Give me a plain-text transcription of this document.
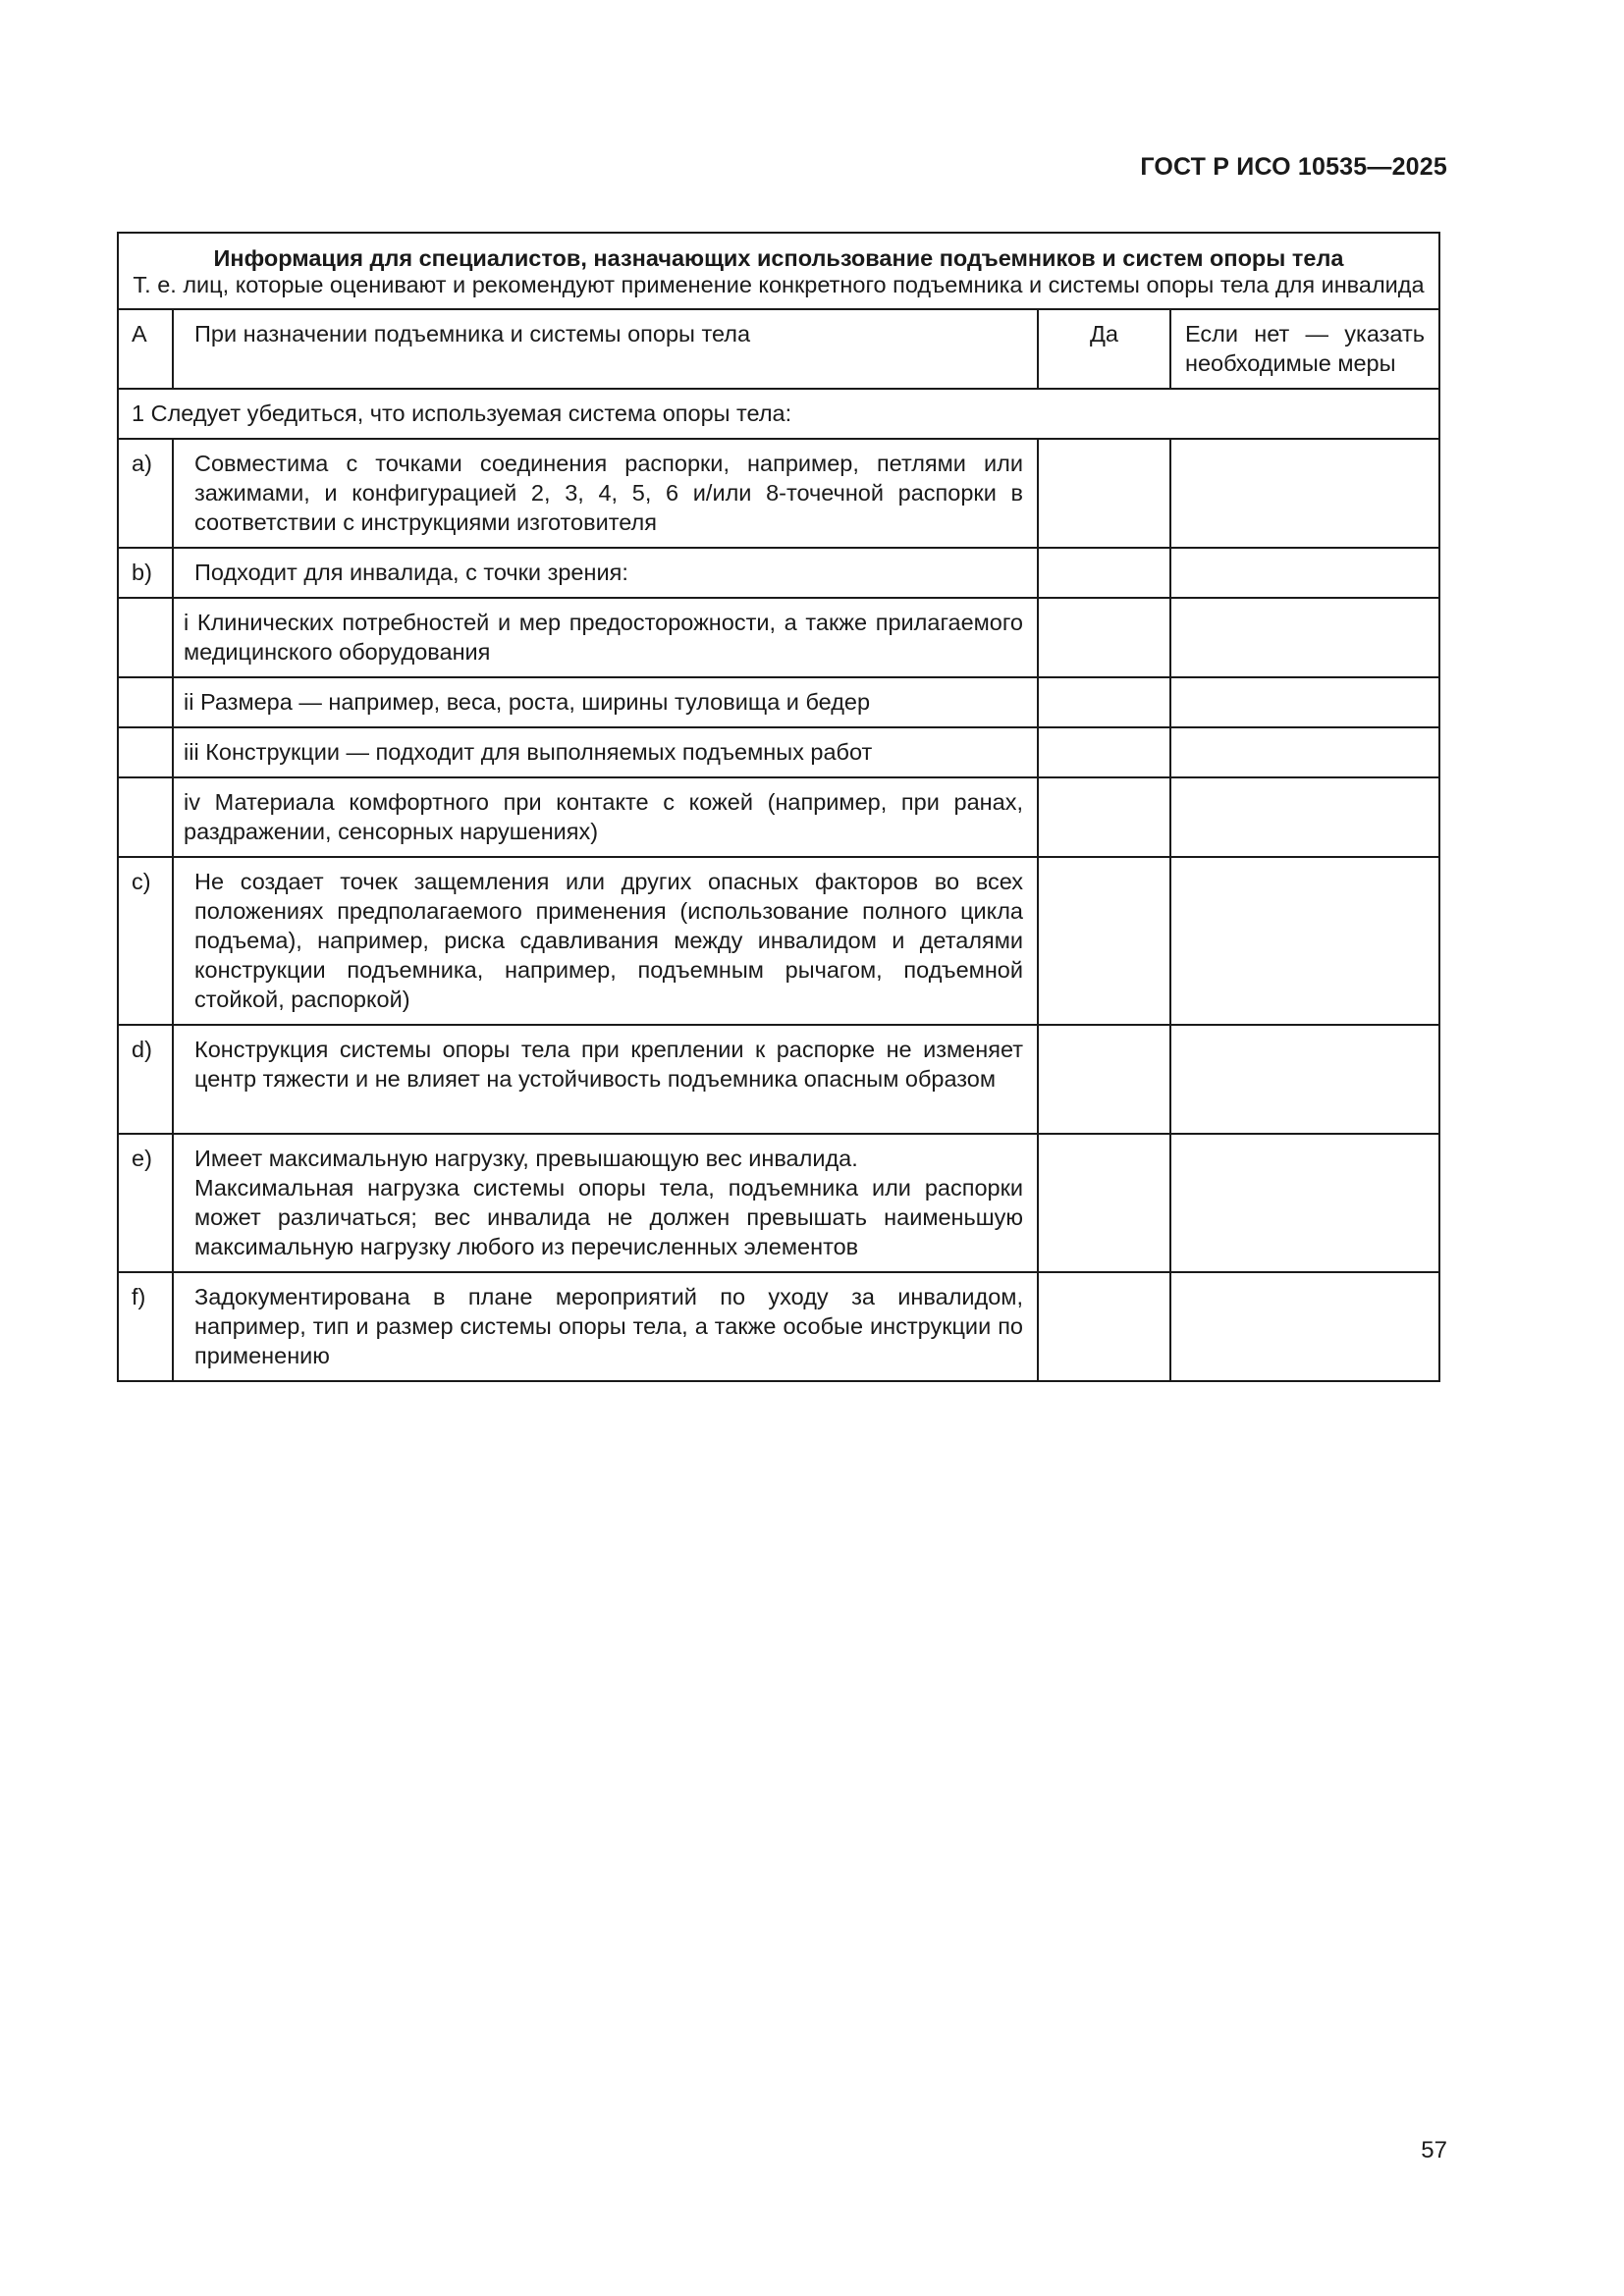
ГОСТ Р ИСО 10535—2025
Информация для специалистов, назначающих использование подъемников и систем опоры тела
Т. е. лиц, которые оценивают и рекомендуют применение конкретного подъемника и системы опоры тела для инвалида			

A	При назначении подъемника и системы опоры тела	Да	Если нет — указать необходимые меры
1 Следует убедиться, что используемая система опоры тела:			
a)	Совместима с точками соединения распорки, например, петлями или зажимами, и конфигурацией 2, 3, 4, 5, 6 и/или 8-точечной распорки в соответствии с инструкциями изготовителя		
b)	Подходит для инвалида, с точки зрения:		
	i Клинических потребностей и мер предосторожности, а также прилагаемого медицинского оборудования		
	ii Размера — например, веса, роста, ширины туловища и бедер		
	iii Конструкции — подходит для выполняемых подъемных работ		
	iv Материала комфортного при контакте с кожей (например, при ранах, раздражении, сенсорных нарушениях)		
c)	Не создает точек защемления или других опасных факторов во всех положениях предполагаемого применения (использование полного цикла подъема), например, риска сдавливания между инвалидом и деталями конструкции подъемника, например, подъемным рычагом, подъемной стойкой, распоркой)		
d)	Конструкция системы опоры тела при креплении к распорке не изменяет центр тяжести и не влияет на устойчивость подъемника опасным образом		
e)	Имеет максимальную нагрузку, превышающую вес инвалида.
Максимальная нагрузка системы опоры тела, подъемника или распорки может различаться; вес инвалида не должен превышать наименьшую максимальную нагрузку любого из перечисленных элементов		

f)	Задокументирована в плане мероприятий по уходу за инвалидом, например, тип и размер системы опоры тела, а также особые инструкции по применению		
57
